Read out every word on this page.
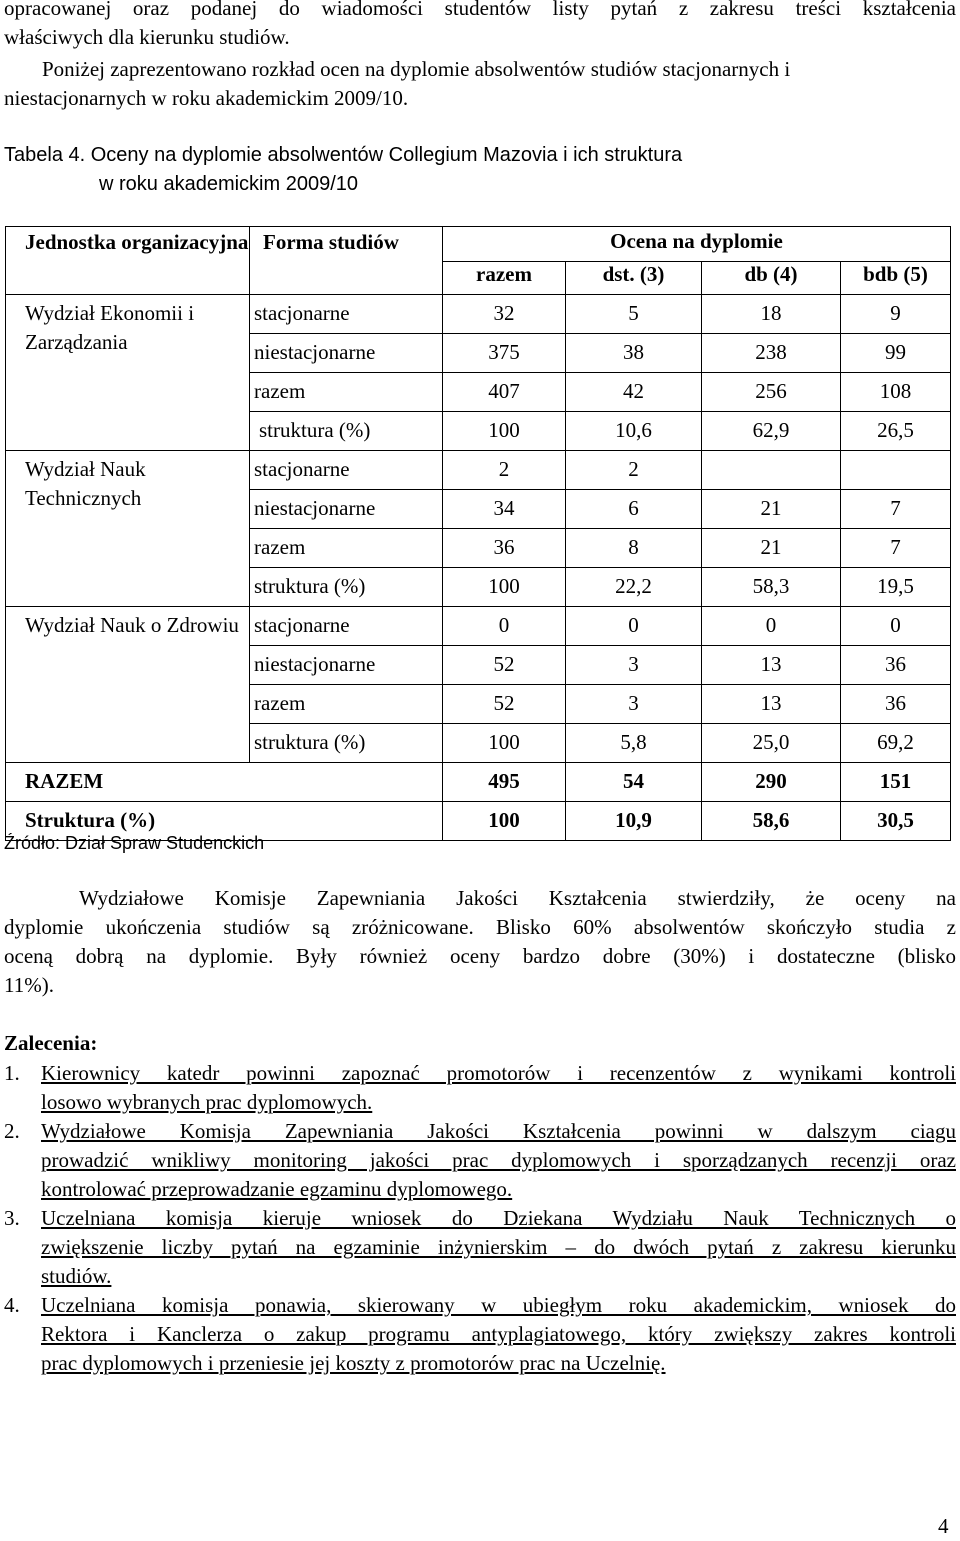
opracowanej oraz podanej do wiadomości studentów listy pytań z zakresu treści kształcenia
właściwych dla kierunku studiów.
Poniżej zaprezentowano rozkład ocen na dyplomie absolwentów studiów stacjonarnych i
niestacjonarnych w roku akademickim 2009/10.
Tabela 4. Oceny na dyplomie absolwentów Collegium Mazovia i ich struktura
w roku akademickim 2009/10
Jednostka organizacyjna	Forma studiów	Ocena na dyplomie			
		razem	dst. (3)	db (4)	bdb (5)
Wydział Ekonomii i Zarządzania	stacjonarne	32	5	18	9
	niestacjonarne	375	38	238	99
	razem	407	42	256	108
	struktura (%)	100	10,6	62,9	26,5
Wydział Nauk Technicznych	stacjonarne	2	2		
	niestacjonarne	34	6	21	7
	razem	36	8	21	7
	struktura (%)	100	22,2	58,3	19,5
Wydział Nauk o Zdrowiu	stacjonarne	0	0	0	0
	niestacjonarne	52	3	13	36
	razem	52	3	13	36
	struktura (%)	100	5,8	25,0	69,2
RAZEM		495	54	290	151
Struktura (%)		100	10,9	58,6	30,5
Źródło: Dział Spraw Studenckich
Wydziałowe Komisje Zapewniania Jakości Kształcenia stwierdziły, że oceny na
dyplomie ukończenia studiów są zróżnicowane. Blisko 60% absolwentów skończyło studia z
oceną dobrą na dyplomie. Były również oceny bardzo dobre (30%) i dostateczne (blisko
11%).
Zalecenia:
1.	Kierownicy katedr powinni zapoznać promotorów i recenzentów z wynikami kontroli
losowo wybranych prac dyplomowych.
2.	Wydziałowe Komisja Zapewniania Jakości Kształcenia powinni w dalszym ciagu
prowadzić wnikliwy monitoring jakości prac dyplomowych i sporządzanych recenzji oraz
kontrolować przeprowadzanie egzaminu dyplomowego.
3.	Uczelniana komisja kieruje wniosek do Dziekana Wydziału Nauk Technicznych o
zwiększenie liczby pytań na egzaminie inżynierskim – do dwóch pytań z zakresu kierunku
studiów.
4.	Uczelniana komisja ponawia, skierowany w ubiegłym roku akademickim, wniosek do
Rektora i Kanclerza o zakup programu antyplagiatowego, który zwiększy zakres kontroli
prac dyplomowych i przeniesie jej koszty z promotorów prac na Uczelnię.
4
